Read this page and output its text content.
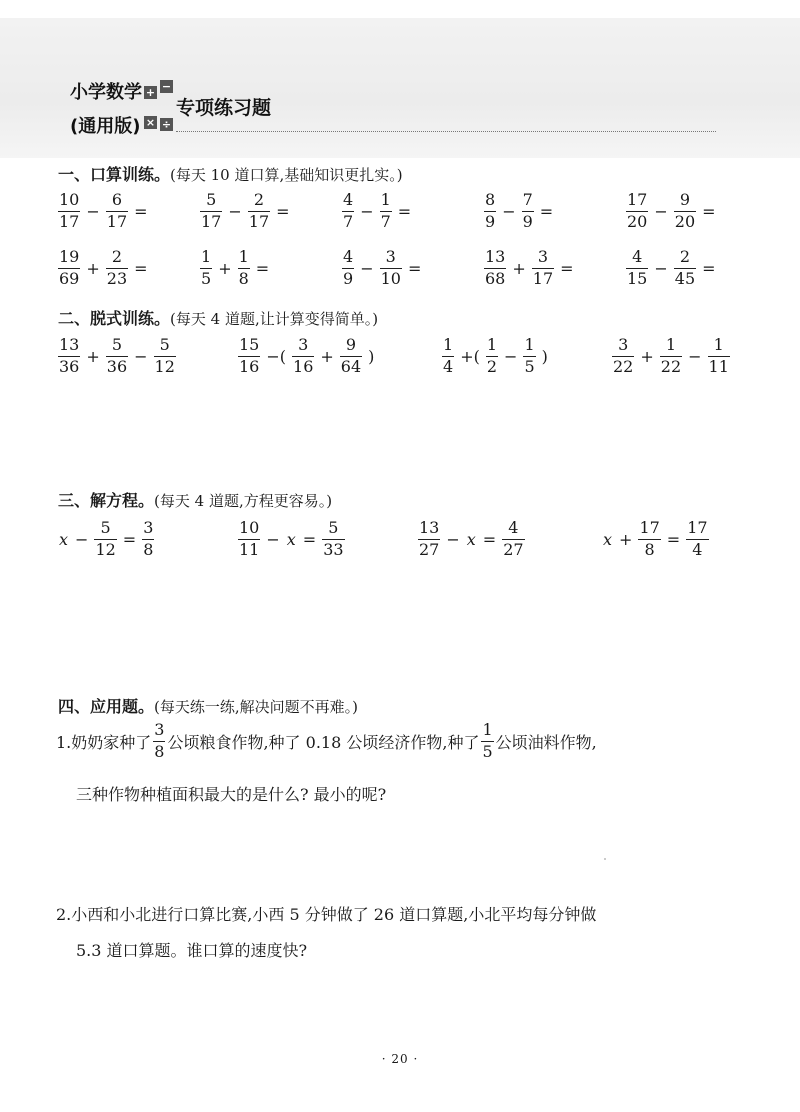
小学数学
(通用版)
+ −
× ÷
专项练习题
一、口算训练。(每天 10 道口算,基础知识更扎实。)
二、脱式训练。(每天 4 道题,让计算变得简单。)
三、解方程。(每天 4 道题,方程更容易。)
四、应用题。(每天练一练,解决问题不再难。)
1.奶奶家种了 $\frac{3}{8}$ 公顷粮食作物,种了 0.18 公顷经济作物,种了 $\frac{1}{5}$ 公顷油料作物,
三种作物种植面积最大的是什么? 最小的呢?
2.小西和小北进行口算比赛,小西 5 分钟做了 26 道口算题,小北平均每分钟做
5.3 道口算题。谁口算的速度快?
· 20 ·
$\frac{10}{17} - \frac{6}{17}$ =	$\frac{5}{17} - \frac{2}{17}$ =	$\frac{4}{7} - \frac{1}{7}$ =	$\frac{8}{9} - \frac{7}{9}$ =	$\frac{17}{20} - \frac{9}{20}$ =
$\frac{19}{69} + \frac{2}{23}$ =	$\frac{1}{5} + \frac{1}{8}$ =	$\frac{4}{9} - \frac{3}{10}$ =	$\frac{13}{68} + \frac{3}{17}$ =	$\frac{4}{15} - \frac{2}{45}$ =
$\frac{13}{36} + \frac{5}{36} - \frac{5}{12}$	$\frac{15}{16}$ −( $\frac{3}{16} + \frac{9}{64}$ )	$\frac{1}{4}$ +( $\frac{1}{2} - \frac{1}{5}$ )	$\frac{3}{22} + \frac{1}{22} - \frac{1}{11}$
$x - \frac{5}{12} = \frac{3}{8}$	$\frac{10}{11} - x = \frac{5}{33}$	$\frac{13}{27} - x = \frac{4}{27}$	$x + \frac{17}{8} = \frac{17}{4}$
